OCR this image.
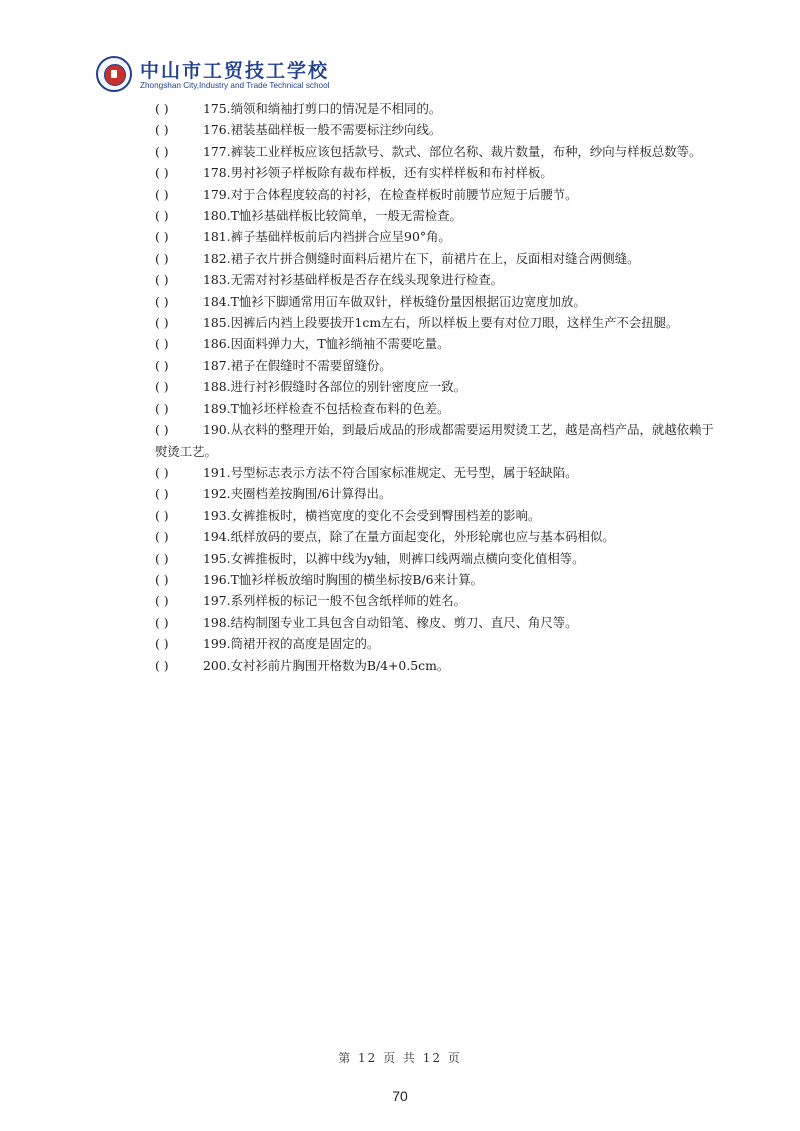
中山市工贸技工学校
Zhongshan City,Industry and Trade Technical school
( )	175.绱领和绱袖打剪口的情况是不相同的。
( )	176.裙装基础样板一般不需要标注纱向线。
( )	177.裤装工业样板应该包括款号、款式、部位名称、裁片数量，布种，纱向与样板总数等。
( )	178.男衬衫领子样板除有裁布样板，还有实样样板和布衬样板。
( )	179.对于合体程度较高的衬衫，在检查样板时前腰节应短于后腰节。
( )	180.T恤衫基础样板比较简单，一般无需检查。
( )	181.裤子基础样板前后内裆拼合应呈90°角。
( )	182.裙子衣片拼合侧缝时面料后裙片在下，前裙片在上，反面相对缝合两侧缝。
( )	183.无需对衬衫基础样板是否存在线头现象进行检查。
( )	184.T恤衫下脚通常用冚车做双针，样板缝份量因根据冚边宽度加放。
( )	185.因裤后内裆上段要拔开1cm左右，所以样板上要有对位刀眼，这样生产不会扭腿。
( )	186.因面料弹力大，T恤衫绱袖不需要吃量。
( )	187.裙子在假缝时不需要留缝份。
( )	188.进行衬衫假缝时各部位的别针密度应一致。
( )	189.T恤衫坯样检查不包括检查布料的色差。
( )	190.从衣料的整理开始，到最后成品的形成都需要运用熨烫工艺，越是高档产品，就越依赖于熨烫工艺。
( )	191.号型标志表示方法不符合国家标准规定、无号型，属于轻缺陷。
( )	192.夹圈档差按胸围/6计算得出。
( )	193.女裤推板时，横裆宽度的变化不会受到臀围档差的影响。
( )	194.纸样放码的要点，除了在量方面起变化，外形轮廓也应与基本码相似。
( )	195.女裤推板时，以裤中线为y轴，则裤口线两端点横向变化值相等。
( )	196.T恤衫样板放缩时胸围的横坐标按B/6来计算。
( )	197.系列样板的标记一般不包含纸样师的姓名。
( )	198.结构制图专业工具包含自动铅笔、橡皮、剪刀、直尺、角尺等。
( )	199.筒裙开衩的高度是固定的。
( )	200.女衬衫前片胸围开格数为B/4+0.5cm。
第 12 页 共 12 页
70
